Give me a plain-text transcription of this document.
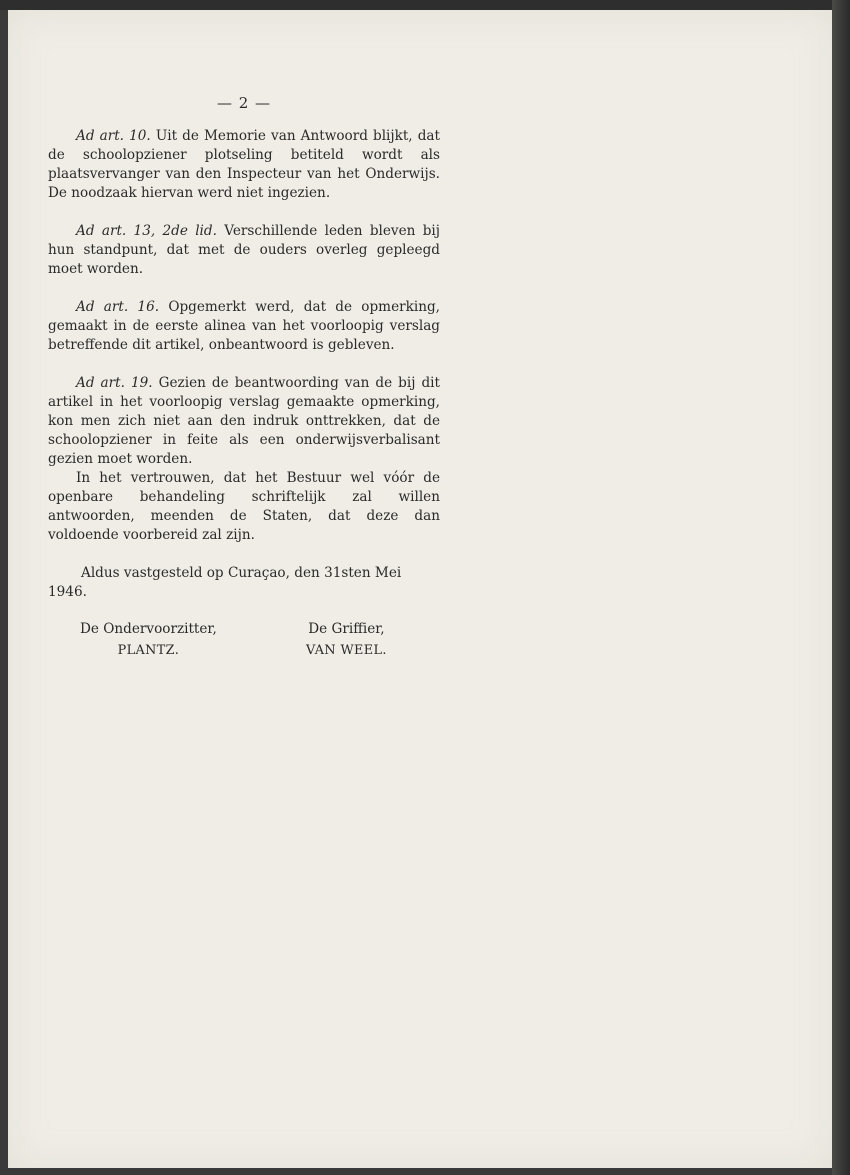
— 2 —

Ad art. 10. Uit de Memorie van Antwoord blijkt, dat de schoolopziener plotseling betiteld wordt als plaatsvervanger van den Inspecteur van het Onderwijs. De noodzaak hiervan werd niet ingezien.

Ad art. 13, 2de lid. Verschillende leden bleven bij hun standpunt, dat met de ouders overleg gepleegd moet worden.

Ad art. 16. Opgemerkt werd, dat de opmerking, gemaakt in de eerste alinea van het voorloopig verslag betreffende dit artikel, onbeantwoord is gebleven.

Ad art. 19. Gezien de beantwoording van de bij dit artikel in het voorloopig verslag gemaakte opmerking, kon men zich niet aan den indruk onttrekken, dat de schoolopziener in feite als een onderwijsverbalisant gezien moet worden.

In het vertrouwen, dat het Bestuur wel vóór de openbare behandeling schriftelijk zal willen antwoorden, meenden de Staten, dat deze dan voldoende voorbereid zal zijn.

Aldus vastgesteld op Curaçao, den 31sten Mei 1946.

De Ondervoorzitter,
PLANTZ.
De Griffier,
VAN WEEL.
